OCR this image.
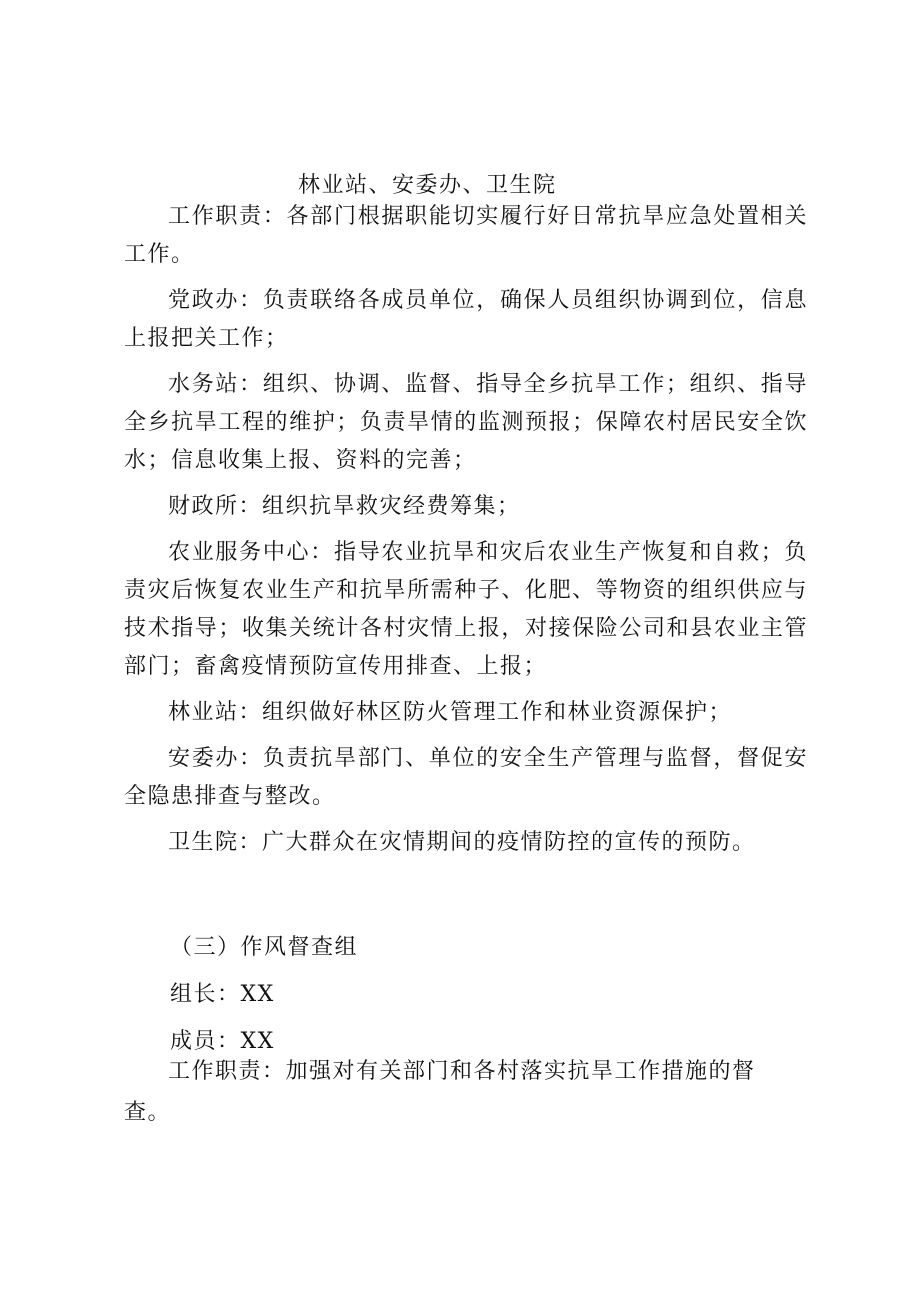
林业站、安委办、卫生院

工作职责：各部门根据职能切实履行好日常抗旱应急处置相关工作。

党政办：负责联络各成员单位，确保人员组织协调到位，信息上报把关工作；

水务站：组织、协调、监督、指导全乡抗旱工作；组织、指导全乡抗旱工程的维护；负责旱情的监测预报；保障农村居民安全饮水；信息收集上报、资料的完善；

财政所：组织抗旱救灾经费筹集；

农业服务中心：指导农业抗旱和灾后农业生产恢复和自救；负责灾后恢复农业生产和抗旱所需种子、化肥、等物资的组织供应与技术指导；收集关统计各村灾情上报，对接保险公司和县农业主管部门；畜禽疫情预防宣传用排查、上报；

林业站：组织做好林区防火管理工作和林业资源保护；

安委办：负责抗旱部门、单位的安全生产管理与监督，督促安全隐患排查与整改。

卫生院：广大群众在灾情期间的疫情防控的宣传的预防。

（三）作风督查组
组长：XX
成员：XX
工作职责：加强对有关部门和各村落实抗旱工作措施的督
查。
